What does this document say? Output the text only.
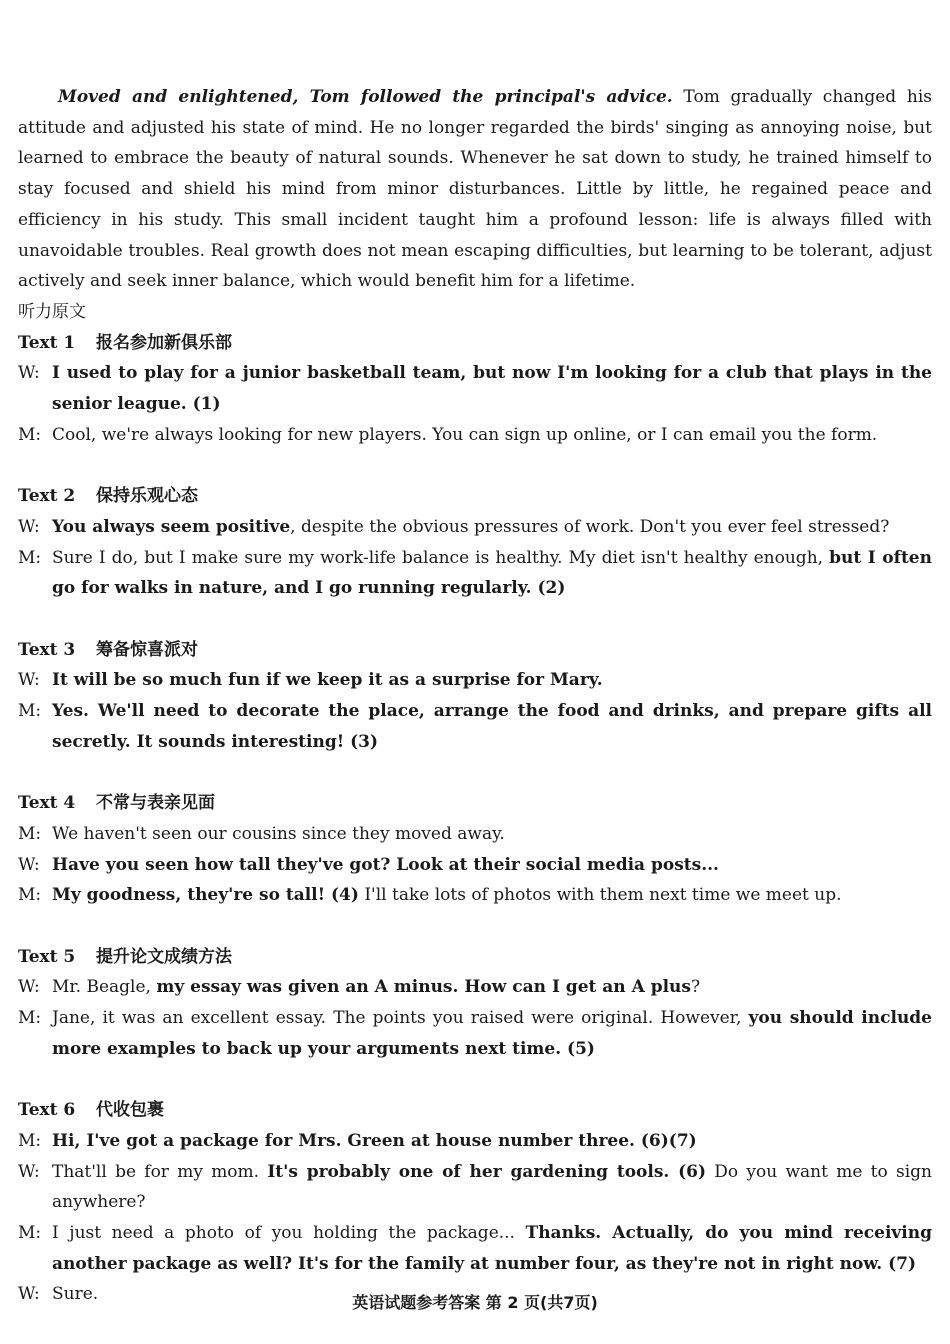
Moved and enlightened, Tom followed the principal's advice. Tom gradually changed his attitude and adjusted his state of mind. He no longer regarded the birds' singing as annoying noise, but learned to embrace the beauty of natural sounds. Whenever he sat down to study, he trained himself to stay focused and shield his mind from minor disturbances. Little by little, he regained peace and efficiency in his study. This small incident taught him a profound lesson: life is always filled with unavoidable troubles. Real growth does not mean escaping difficulties, but learning to be tolerant, adjust actively and seek inner balance, which would benefit him for a lifetime.

听力原文

Text 1 报名参加新俱乐部

W: I used to play for a junior basketball team, but now I'm looking for a club that plays in the senior league. (1)

M: Cool, we're always looking for new players. You can sign up online, or I can email you the form.

Text 2 保持乐观心态

W: You always seem positive, despite the obvious pressures of work. Don't you ever feel stressed?

M: Sure I do, but I make sure my work-life balance is healthy. My diet isn't healthy enough, but I often go for walks in nature, and I go running regularly. (2)

Text 3 筹备惊喜派对

W: It will be so much fun if we keep it as a surprise for Mary.

M: Yes. We'll need to decorate the place, arrange the food and drinks, and prepare gifts all secretly. It sounds interesting! (3)

Text 4 不常与表亲见面

M: We haven't seen our cousins since they moved away.

W: Have you seen how tall they've got? Look at their social media posts...

M: My goodness, they're so tall! (4) I'll take lots of photos with them next time we meet up.

Text 5 提升论文成绩方法

W: Mr. Beagle, my essay was given an A minus. How can I get an A plus?

M: Jane, it was an excellent essay. The points you raised were original. However, you should include more examples to back up your arguments next time. (5)

Text 6 代收包裹

M: Hi, I've got a package for Mrs. Green at house number three. (6)(7)

W: That'll be for my mom. It's probably one of her gardening tools. (6) Do you want me to sign anywhere?

M: I just need a photo of you holding the package... Thanks. Actually, do you mind receiving another package as well? It's for the family at number four, as they're not in right now. (7)

W: Sure.	英语试题参考答案 第 2 页(共7页)
